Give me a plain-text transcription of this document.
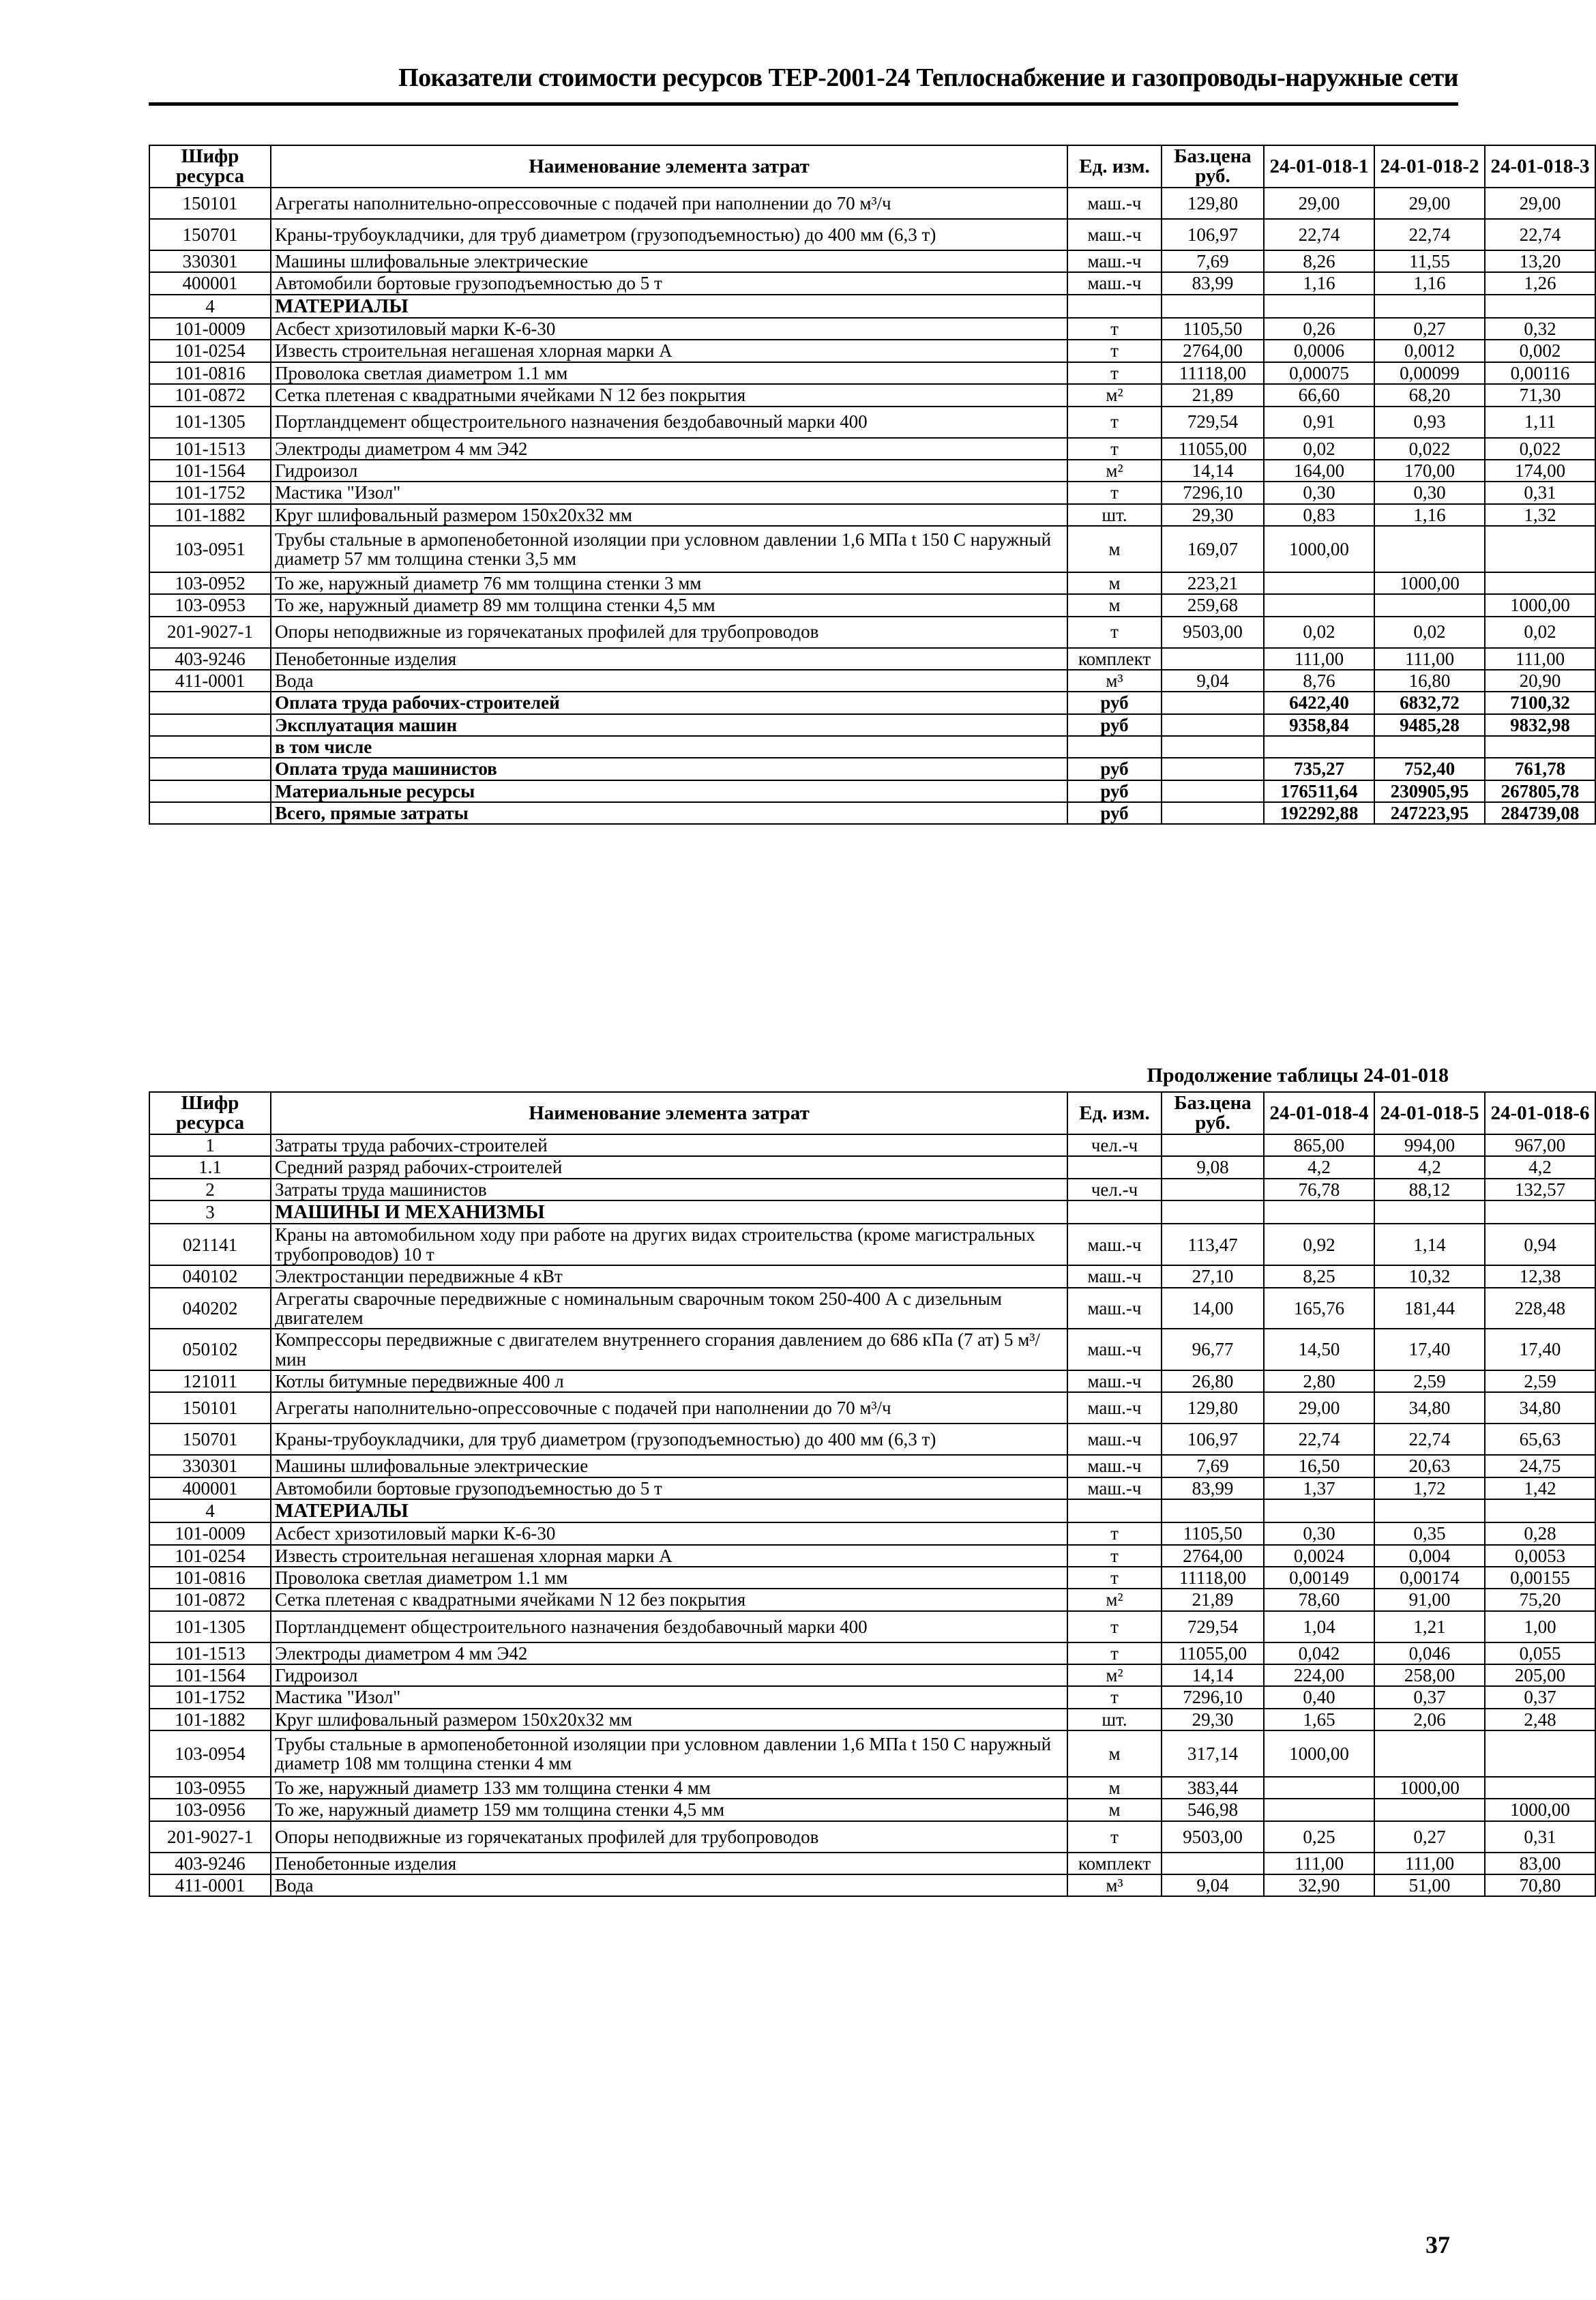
Показатели стоимости ресурсов ТЕР-2001-24 Теплоснабжение и газопроводы-наружные сети
Шифр ресурса	Наименование элемента затрат	Ед. изм.	Баз.цена руб.	24-01-018-1	24-01-018-2	24-01-018-3
150101	Агрегаты наполнительно-опрессовочные с подачей при наполнении до 70 м³/ч	маш.-ч	129,80	29,00	29,00	29,00
150701	Краны-трубоукладчики, для труб диаметром (грузоподъемностью) до 400 мм (6,3 т)	маш.-ч	106,97	22,74	22,74	22,74
330301	Машины шлифовальные электрические	маш.-ч	7,69	8,26	11,55	13,20
400001	Автомобили бортовые грузоподъемностью до 5 т	маш.-ч	83,99	1,16	1,16	1,26
4	МАТЕРИАЛЫ					
101-0009	Асбест хризотиловый марки К-6-30	т	1105,50	0,26	0,27	0,32
101-0254	Известь строительная негашеная хлорная марки А	т	2764,00	0,0006	0,0012	0,002
101-0816	Проволока светлая диаметром 1.1 мм	т	11118,00	0,00075	0,00099	0,00116
101-0872	Сетка плетеная с квадратными ячейками N 12 без покрытия	м²	21,89	66,60	68,20	71,30
101-1305	Портландцемент общестроительного назначения бездобавочный марки 400	т	729,54	0,91	0,93	1,11
101-1513	Электроды диаметром 4 мм Э42	т	11055,00	0,02	0,022	0,022
101-1564	Гидроизол	м²	14,14	164,00	170,00	174,00
101-1752	Мастика "Изол"	т	7296,10	0,30	0,30	0,31
101-1882	Круг шлифовальный размером 150х20х32 мм	шт.	29,30	0,83	1,16	1,32
103-0951	Трубы стальные в армопенобетонной изоляции при условном давлении 1,6 МПа t 150 С наружный диаметр 57 мм толщина стенки 3,5 мм	м	169,07	1000,00		
103-0952	То же, наружный диаметр 76 мм толщина стенки 3 мм	м	223,21		1000,00	
103-0953	То же, наружный диаметр 89 мм толщина стенки 4,5 мм	м	259,68			1000,00
201-9027-1	Опоры неподвижные из горячекатаных профилей для трубопроводов	т	9503,00	0,02	0,02	0,02
403-9246	Пенобетонные изделия	комплект		111,00	111,00	111,00
411-0001	Вода	м³	9,04	8,76	16,80	20,90
	Оплата труда рабочих-строителей	руб		6422,40	6832,72	7100,32
	Эксплуатация машин	руб		9358,84	9485,28	9832,98
	в том числе					
	Оплата труда машинистов	руб		735,27	752,40	761,78
	Материальные ресурсы	руб		176511,64	230905,95	267805,78
	Всего, прямые затраты	руб		192292,88	247223,95	284739,08
Продолжение таблицы 24-01-018
Шифр ресурса	Наименование элемента затрат	Ед. изм.	Баз.цена руб.	24-01-018-4	24-01-018-5	24-01-018-6
1	Затраты труда рабочих-строителей	чел.-ч		865,00	994,00	967,00
1.1	Средний разряд рабочих-строителей		9,08	4,2	4,2	4,2
2	Затраты труда машинистов	чел.-ч		76,78	88,12	132,57
3	МАШИНЫ И МЕХАНИЗМЫ					
021141	Краны на автомобильном ходу при работе на других видах строительства (кроме магистральных трубопроводов) 10 т	маш.-ч	113,47	0,92	1,14	0,94
040102	Электростанции передвижные 4 кВт	маш.-ч	27,10	8,25	10,32	12,38
040202	Агрегаты сварочные передвижные с номинальным сварочным током 250-400 А с дизельным двигателем	маш.-ч	14,00	165,76	181,44	228,48
050102	Компрессоры передвижные с двигателем внутреннего сгорания давлением до 686 кПа (7 ат) 5 м³/мин	маш.-ч	96,77	14,50	17,40	17,40
121011	Котлы битумные передвижные 400 л	маш.-ч	26,80	2,80	2,59	2,59
150101	Агрегаты наполнительно-опрессовочные с подачей при наполнении до 70 м³/ч	маш.-ч	129,80	29,00	34,80	34,80
150701	Краны-трубоукладчики, для труб диаметром (грузоподъемностью) до 400 мм (6,3 т)	маш.-ч	106,97	22,74	22,74	65,63
330301	Машины шлифовальные электрические	маш.-ч	7,69	16,50	20,63	24,75
400001	Автомобили бортовые грузоподъемностью до 5 т	маш.-ч	83,99	1,37	1,72	1,42
4	МАТЕРИАЛЫ					
101-0009	Асбест хризотиловый марки К-6-30	т	1105,50	0,30	0,35	0,28
101-0254	Известь строительная негашеная хлорная марки А	т	2764,00	0,0024	0,004	0,0053
101-0816	Проволока светлая диаметром 1.1 мм	т	11118,00	0,00149	0,00174	0,00155
101-0872	Сетка плетеная с квадратными ячейками N 12 без покрытия	м²	21,89	78,60	91,00	75,20
101-1305	Портландцемент общестроительного назначения бездобавочный марки 400	т	729,54	1,04	1,21	1,00
101-1513	Электроды диаметром 4 мм Э42	т	11055,00	0,042	0,046	0,055
101-1564	Гидроизол	м²	14,14	224,00	258,00	205,00
101-1752	Мастика "Изол"	т	7296,10	0,40	0,37	0,37
101-1882	Круг шлифовальный размером 150х20х32 мм	шт.	29,30	1,65	2,06	2,48
103-0954	Трубы стальные в армопенобетонной изоляции при условном давлении 1,6 МПа t 150 С наружный диаметр 108 мм толщина стенки 4 мм	м	317,14	1000,00		
103-0955	То же, наружный диаметр 133 мм толщина стенки 4 мм	м	383,44		1000,00	
103-0956	То же, наружный диаметр 159 мм толщина стенки 4,5 мм	м	546,98			1000,00
201-9027-1	Опоры неподвижные из горячекатаных профилей для трубопроводов	т	9503,00	0,25	0,27	0,31
403-9246	Пенобетонные изделия	комплект		111,00	111,00	83,00
411-0001	Вода	м³	9,04	32,90	51,00	70,80
37
